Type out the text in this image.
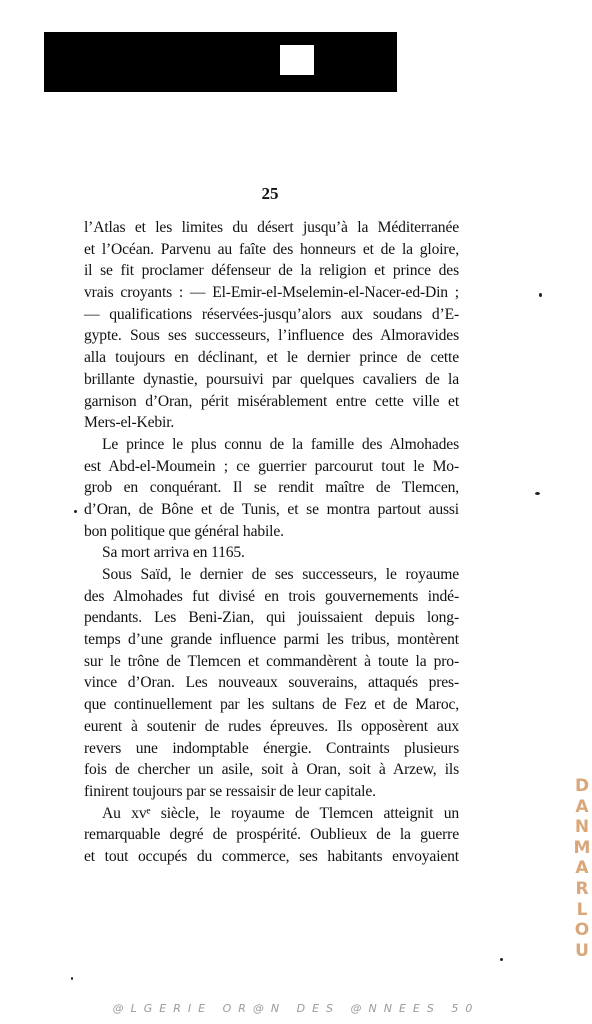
25
l’Atlas et les limites du désert jusqu’à la Méditerranée
et l’Océan. Parvenu au faîte des honneurs et de la gloire,
il se fit proclamer défenseur de la religion et prince des
vrais croyants : — El-Emir-el-Mselemin-el-Nacer-ed-Din ;
— qualifications réservées-jusqu’alors aux soudans d’E-
gypte. Sous ses successeurs, l’influence des Almoravides
alla toujours en déclinant, et le dernier prince de cette
brillante dynastie, poursuivi par quelques cavaliers de la
garnison d’Oran, périt misérablement entre cette ville et
Mers-el-Kebir.
Le prince le plus connu de la famille des Almohades
est Abd-el-Moumein ; ce guerrier parcourut tout le Mo-
grob en conquérant. Il se rendit maître de Tlemcen,
d’Oran, de Bône et de Tunis, et se montra partout aussi
bon politique que général habile.
Sa mort arriva en 1165.
Sous Saïd, le dernier de ses successeurs, le royaume
des Almohades fut divisé en trois gouvernements indé-
pendants. Les Beni-Zian, qui jouissaient depuis long-
temps d’une grande influence parmi les tribus, montèrent
sur le trône de Tlemcen et commandèrent à toute la pro-
vince d’Oran. Les nouveaux souverains, attaqués pres-
que continuellement par les sultans de Fez et de Maroc,
eurent à soutenir de rudes épreuves. Ils opposèrent aux
revers une indomptable énergie. Contraints plusieurs
fois de chercher un asile, soit à Oran, soit à Arzew, ils
finirent toujours par se ressaisir de leur capitale.
Au xvᵉ siècle, le royaume de Tlemcen atteignit un
remarquable degré de prospérité. Oublieux de la guerre
et tout occupés du commerce, ses habitants envoyaient
DANMARLOU
@LGERIE OR@N DES @NNEES 50
